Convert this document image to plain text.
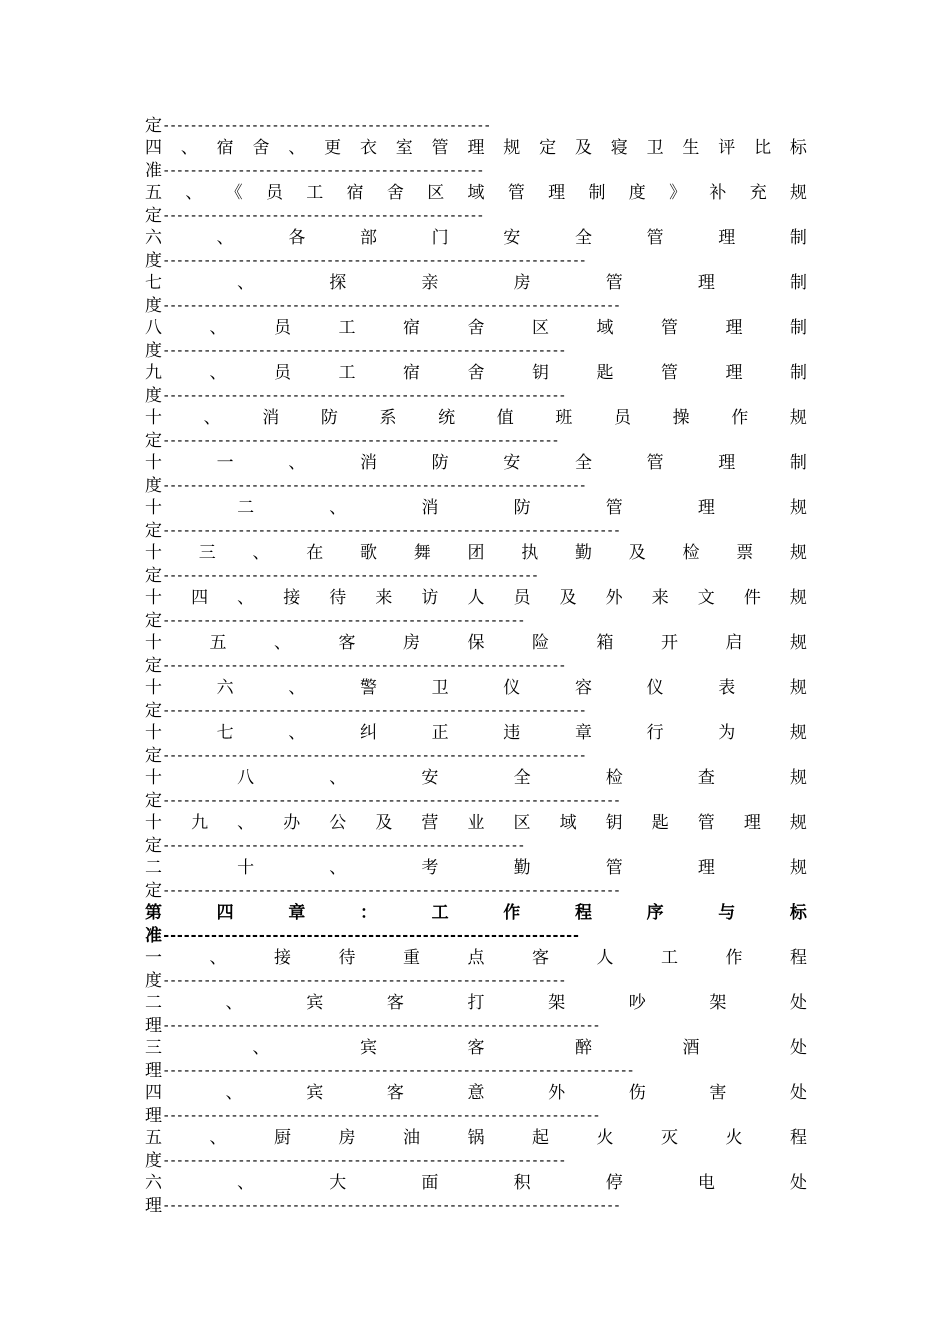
定------------------------------------------------
四 、 宿 舍 、 更 衣 室 管 理 规 定 及 寝 卫 生 评 比 标
准-----------------------------------------------
五 、 《 员 工 宿 舍 区 域 管 理 制 度 》 补 充 规
定-----------------------------------------------
六	、	各	部	门	安	全	管	理	制
度--------------------------------------------------------------
七	、	探	亲	房	管	理	制
度-------------------------------------------------------------------
八	、	员	工	宿	舍	区	域	管	理	制
度-----------------------------------------------------------
九	、	员	工	宿	舍	钥	匙	管	理	制
度-----------------------------------------------------------
十 、 消 防 系 统 值 班 员 操 作 规
定----------------------------------------------------------
十	一	、	消	防	安	全	管	理	制
度--------------------------------------------------------------
十	二	、	消	防	管	理	规
定-------------------------------------------------------------------
十 三 、 在 歌 舞 团 执 勤 及 检 票 规
定-------------------------------------------------------
十 四 、 接 待 来 访 人 员 及 外 来 文 件 规
定-----------------------------------------------------
十	五	、	客	房	保	险	箱	开	启	规
定-----------------------------------------------------------
十	六	、	警	卫	仪	容	仪	表	规
定--------------------------------------------------------------
十	七	、	纠	正	违	章	行	为	规
定--------------------------------------------------------------
十	八	、	安	全	检	查	规
定-------------------------------------------------------------------
十 九 、 办 公 及 营 业 区 域 钥 匙 管 理 规
定-----------------------------------------------------
二	十	、	考	勤	管	理	规
定-------------------------------------------------------------------
第	四	章	：	工	作	程	序	与	标
准-------------------------------------------------------------
一	、	接	待	重	点	客	人	工	作	程
度-----------------------------------------------------------
二	、	宾	客	打	架	吵	架	处
理----------------------------------------------------------------
三	、	宾	客	醉	酒	处
理---------------------------------------------------------------------
四	、	宾	客	意	外	伤	害	处
理----------------------------------------------------------------
五	、	厨	房	油	锅	起	火	灭	火	程
度-----------------------------------------------------------
六	、	大	面	积	停	电	处
理-------------------------------------------------------------------
